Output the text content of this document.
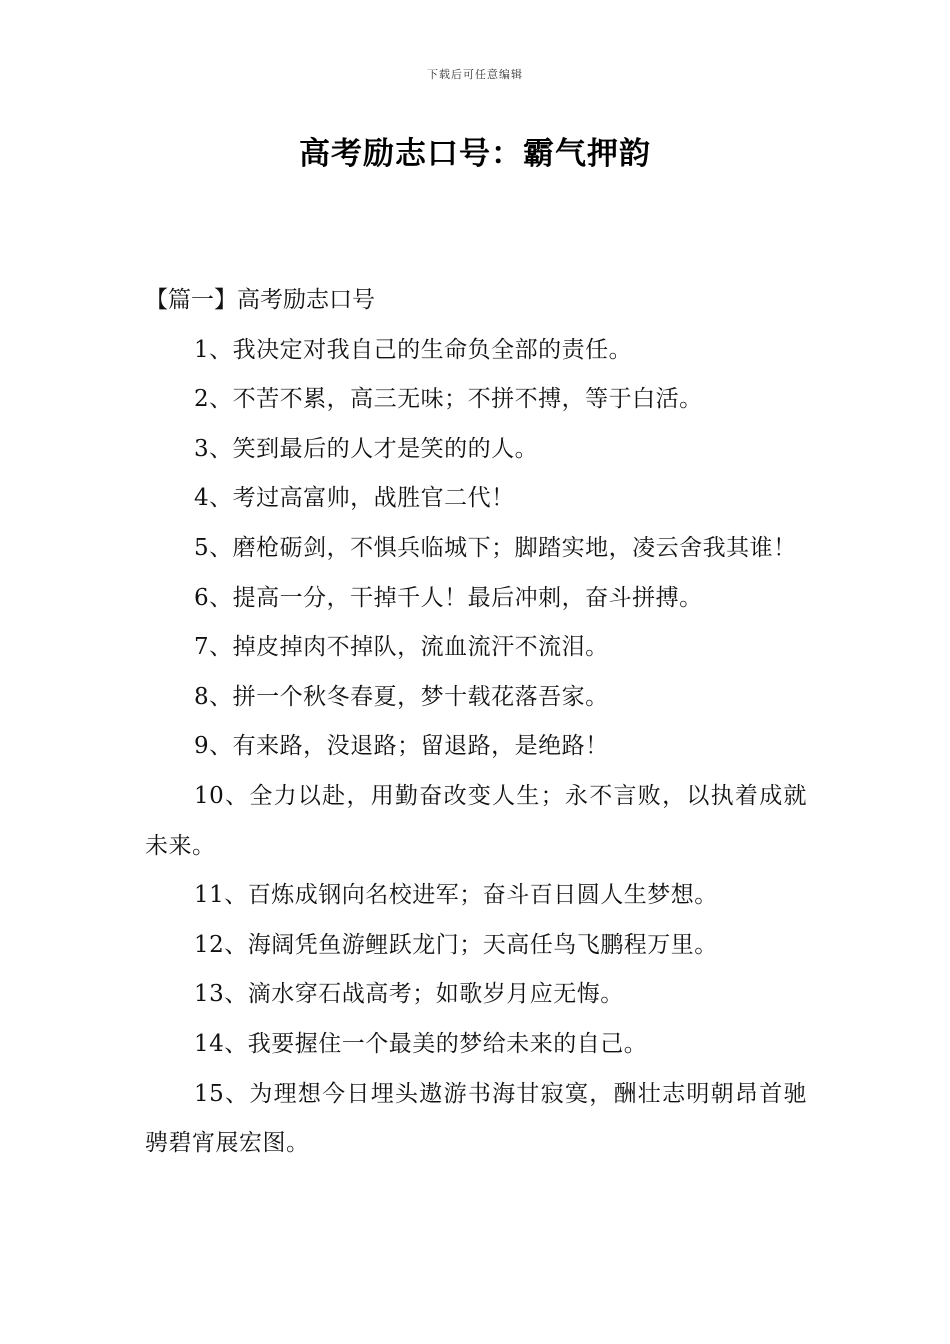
下载后可任意编辑
高考励志口号：霸气押韵

【篇一】高考励志口号

1、我决定对我自己的生命负全部的责任。

2、不苦不累，高三无味；不拼不搏，等于白活。

3、笑到最后的人才是笑的的人。

4、考过高富帅，战胜官二代！

5、磨枪砺剑，不惧兵临城下；脚踏实地，凌云舍我其谁！

6、提高一分，干掉千人！最后冲刺，奋斗拼搏。

7、掉皮掉肉不掉队，流血流汗不流泪。

8、拼一个秋冬春夏，梦十载花落吾家。

9、有来路，没退路；留退路，是绝路！

10、全力以赴，用勤奋改变人生；永不言败，以执着成就未来。

11、百炼成钢向名校进军；奋斗百日圆人生梦想。

12、海阔凭鱼游鲤跃龙门；天高任鸟飞鹏程万里。

13、滴水穿石战高考；如歌岁月应无悔。

14、我要握住一个最美的梦给未来的自己。

15、为理想今日埋头遨游书海甘寂寞，酬壮志明朝昂首驰骋碧宵展宏图。
